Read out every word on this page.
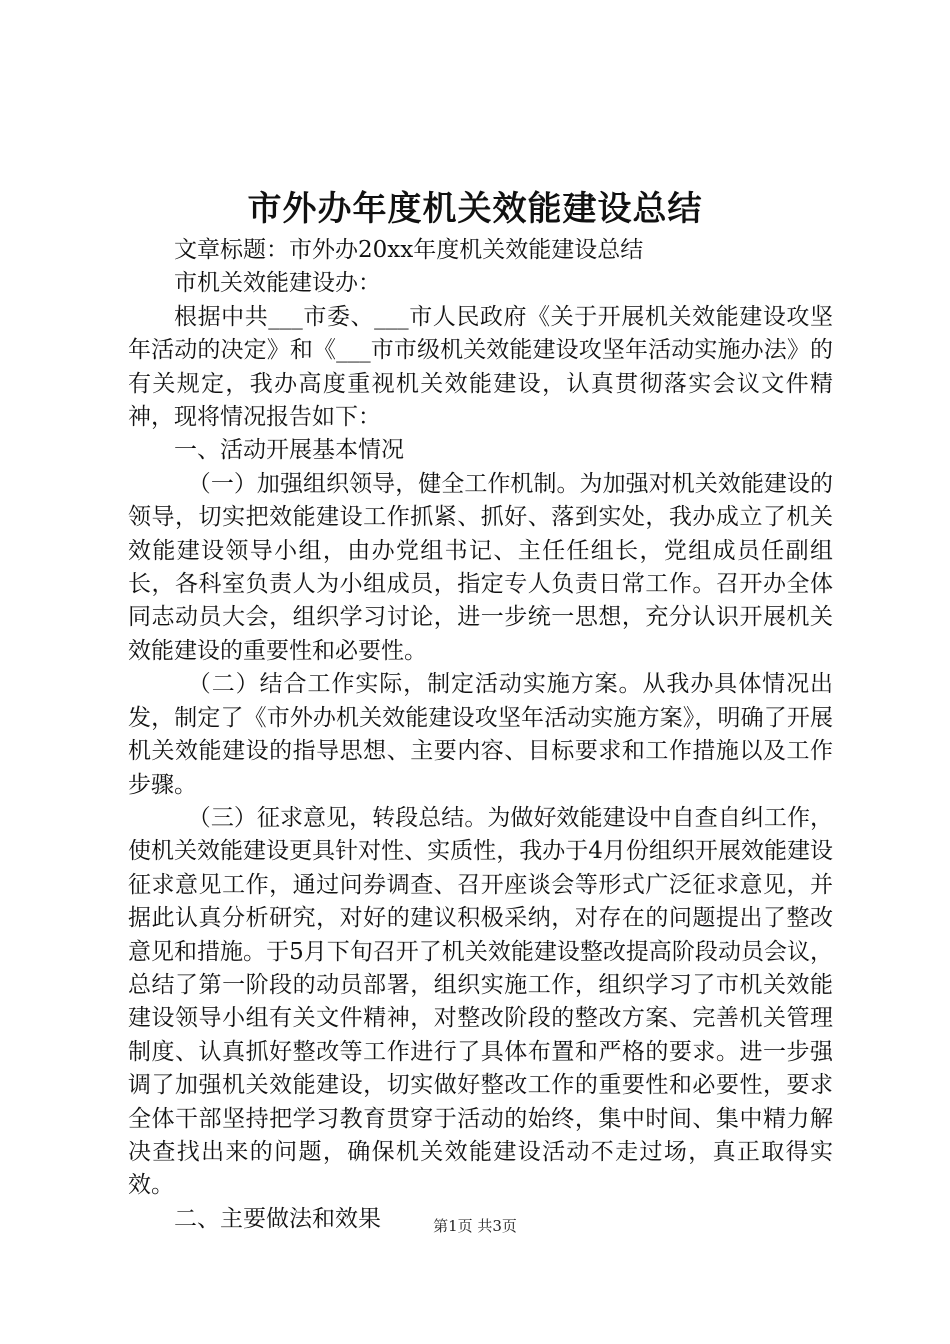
市外办年度机关效能建设总结

文章标题：市外办20xx年度机关效能建设总结

市机关效能建设办：

根据中共___市委、___市人民政府《关于开展机关效能建设攻坚年活动的决定》和《___市市级机关效能建设攻坚年活动实施办法》的有关规定，我办高度重视机关效能建设，认真贯彻落实会议文件精神，现将情况报告如下：

一、活动开展基本情况

（一）加强组织领导，健全工作机制。为加强对机关效能建设的领导，切实把效能建设工作抓紧、抓好、落到实处，我办成立了机关效能建设领导小组，由办党组书记、主任任组长，党组成员任副组长，各科室负责人为小组成员，指定专人负责日常工作。召开办全体同志动员大会，组织学习讨论，进一步统一思想，充分认识开展机关效能建设的重要性和必要性。

（二）结合工作实际，制定活动实施方案。从我办具体情况出发，制定了《市外办机关效能建设攻坚年活动实施方案》，明确了开展机关效能建设的指导思想、主要内容、目标要求和工作措施以及工作步骤。

（三）征求意见，转段总结。为做好效能建设中自查自纠工作，使机关效能建设更具针对性、实质性，我办于4月份组织开展效能建设征求意见工作，通过问券调查、召开座谈会等形式广泛征求意见，并据此认真分析研究，对好的建议积极采纳，对存在的问题提出了整改意见和措施。于5月下旬召开了机关效能建设整改提高阶段动员会议，总结了第一阶段的动员部署，组织实施工作，组织学习了市机关效能建设领导小组有关文件精神，对整改阶段的整改方案、完善机关管理制度、认真抓好整改等工作进行了具体布置和严格的要求。进一步强调了加强机关效能建设，切实做好整改工作的重要性和必要性，要求全体干部坚持把学习教育贯穿于活动的始终，集中时间、集中精力解决查找出来的问题，确保机关效能建设活动不走过场，真正取得实效。

二、主要做法和效果	第1页 共3页
